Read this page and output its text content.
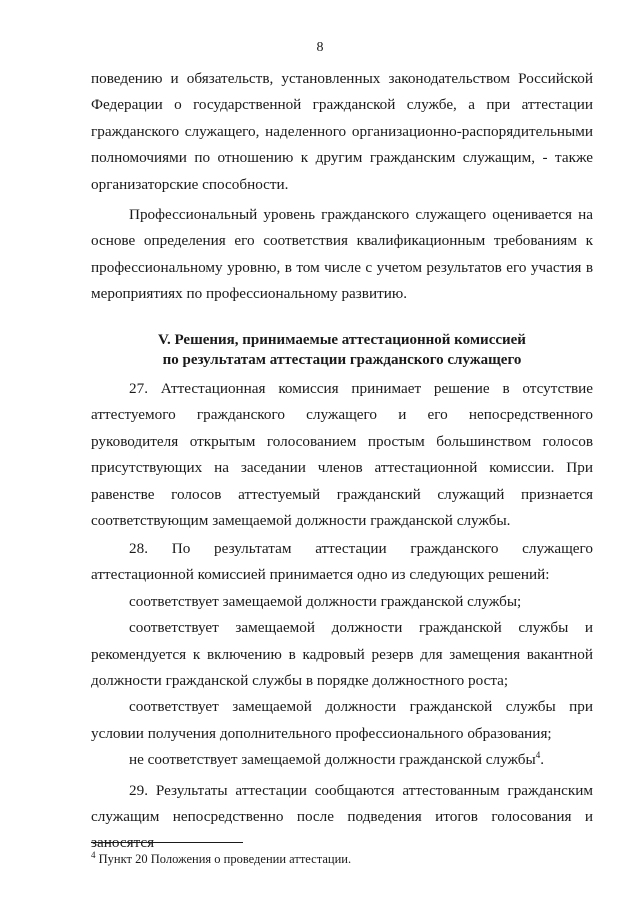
8

поведению и обязательств, установленных законодательством Российской Федерации о государственной гражданской службе, а при аттестации гражданского служащего, наделенного организационно-распорядительными полномочиями по отношению к другим гражданским служащим, - также организаторские способности.

Профессиональный уровень гражданского служащего оценивается на основе определения его соответствия квалификационным требованиям к профессиональному уровню, в том числе с учетом результатов его участия в мероприятиях по профессиональному развитию.

V. Решения, принимаемые аттестационной комиссией
по результатам аттестации гражданского служащего

27. Аттестационная комиссия принимает решение в отсутствие аттестуемого гражданского служащего и его непосредственного руководителя открытым голосованием простым большинством голосов присутствующих на заседании членов аттестационной комиссии. При равенстве голосов аттестуемый гражданский служащий признается соответствующим замещаемой должности гражданской службы.

28. По результатам аттестации гражданского служащего аттестационной комиссией принимается одно из следующих решений:

соответствует замещаемой должности гражданской службы;

соответствует замещаемой должности гражданской службы и рекомендуется к включению в кадровый резерв для замещения вакантной должности гражданской службы в порядке должностного роста;

соответствует замещаемой должности гражданской службы при условии получения дополнительного профессионального образования;

не соответствует замещаемой должности гражданской службы$^4$.

29. Результаты аттестации сообщаются аттестованным гражданским служащим непосредственно после подведения итогов голосования и заносятся

$^4$ Пункт 20 Положения о проведении аттестации.
